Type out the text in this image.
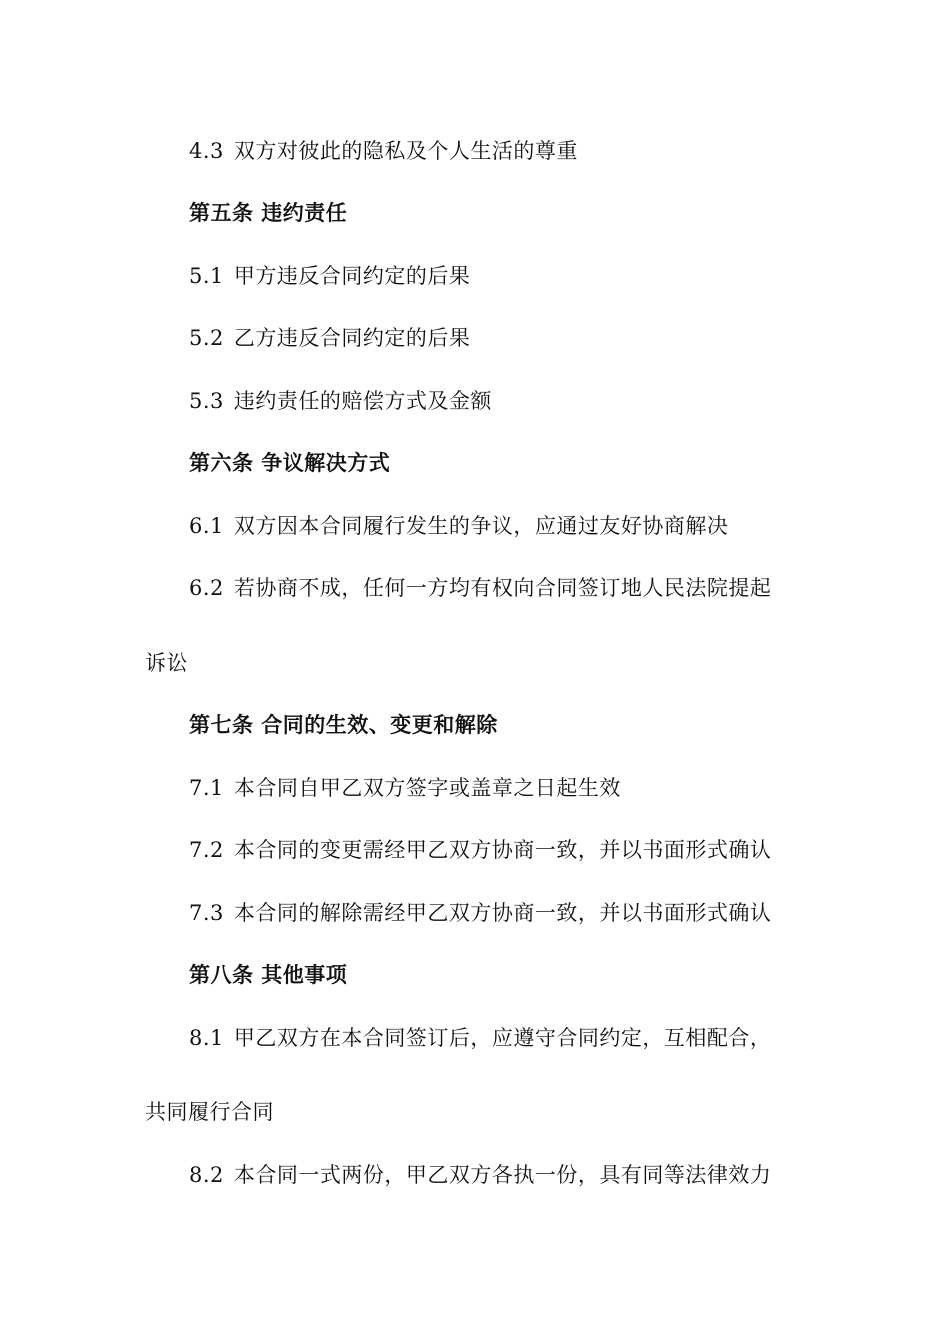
4.3 双方对彼此的隐私及个人生活的尊重
第五条 违约责任
5.1 甲方违反合同约定的后果
5.2 乙方违反合同约定的后果
5.3 违约责任的赔偿方式及金额
第六条 争议解决方式
6.1 双方因本合同履行发生的争议，应通过友好协商解决
6.2 若协商不成，任何一方均有权向合同签订地人民法院提起
诉讼
第七条 合同的生效、变更和解除
7.1 本合同自甲乙双方签字或盖章之日起生效
7.2 本合同的变更需经甲乙双方协商一致，并以书面形式确认
7.3 本合同的解除需经甲乙双方协商一致，并以书面形式确认
第八条 其他事项
8.1 甲乙双方在本合同签订后，应遵守合同约定，互相配合，
共同履行合同
8.2 本合同一式两份，甲乙双方各执一份，具有同等法律效力
